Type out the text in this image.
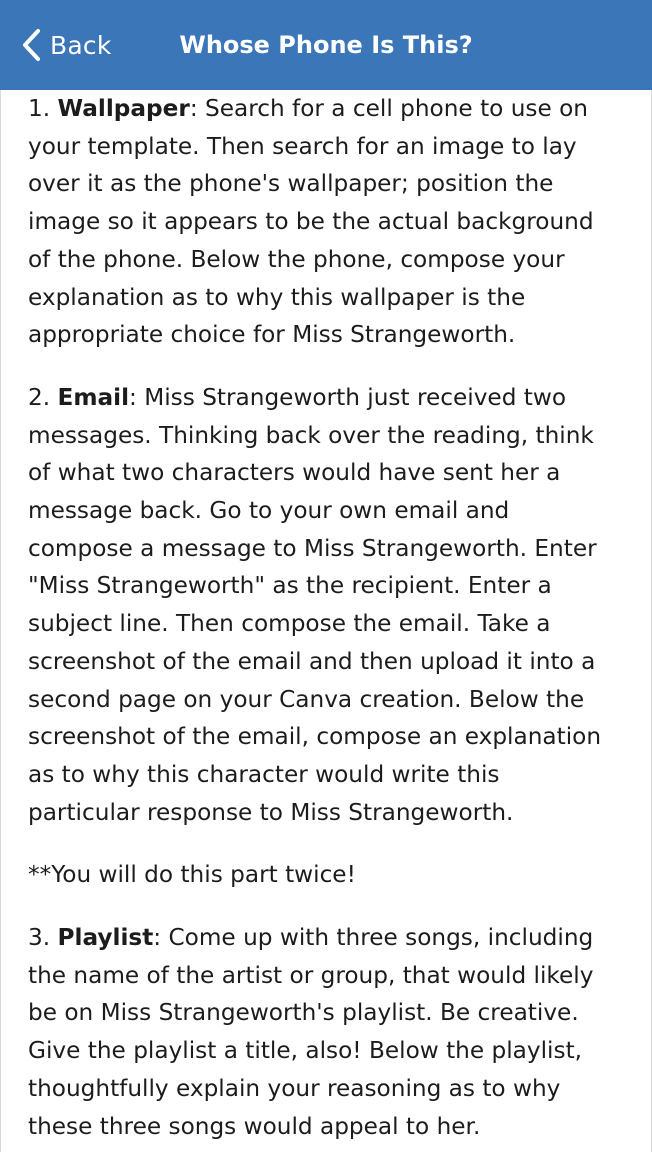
Back	Whose Phone Is This?

1. Wallpaper: Search for a cell phone to use on
your template. Then search for an image to lay
over it as the phone's wallpaper; position the
image so it appears to be the actual background
of the phone. Below the phone, compose your
explanation as to why this wallpaper is the
appropriate choice for Miss Strangeworth.

2. Email: Miss Strangeworth just received two
messages. Thinking back over the reading, think
of what two characters would have sent her a
message back. Go to your own email and
compose a message to Miss Strangeworth. Enter
"Miss Strangeworth" as the recipient. Enter a
subject line. Then compose the email. Take a
screenshot of the email and then upload it into a
second page on your Canva creation. Below the
screenshot of the email, compose an explanation
as to why this character would write this
particular response to Miss Strangeworth.

**You will do this part twice!

3. Playlist: Come up with three songs, including
the name of the artist or group, that would likely
be on Miss Strangeworth's playlist. Be creative.
Give the playlist a title, also! Below the playlist,
thoughtfully explain your reasoning as to why
these three songs would appeal to her.
